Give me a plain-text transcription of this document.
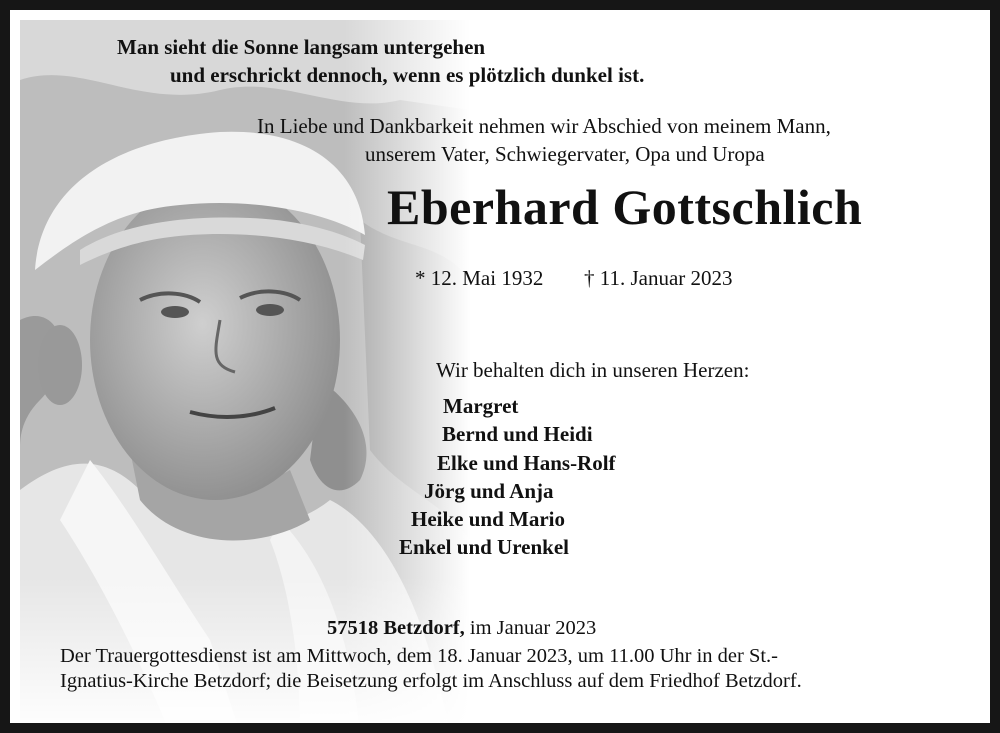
Man sieht die Sonne langsam untergehen
und erschrickt dennoch, wenn es plötzlich dunkel ist.
In Liebe und Dankbarkeit nehmen wir Abschied von meinem Mann,
unserem Vater, Schwiegervater, Opa und Uropa
Eberhard Gottschlich
* 12. Mai 1932 † 11. Januar 2023
Wir behalten dich in unseren Herzen:
Margret
Bernd und Heidi
Elke und Hans-Rolf
Jörg und Anja
Heike und Mario
Enkel und Urenkel
57518 Betzdorf, im Januar 2023
Der Trauergottesdienst ist am Mittwoch, dem 18. Januar 2023, um 11.00 Uhr in der St.-
Ignatius-Kirche Betzdorf; die Beisetzung erfolgt im Anschluss auf dem Friedhof Betzdorf.
